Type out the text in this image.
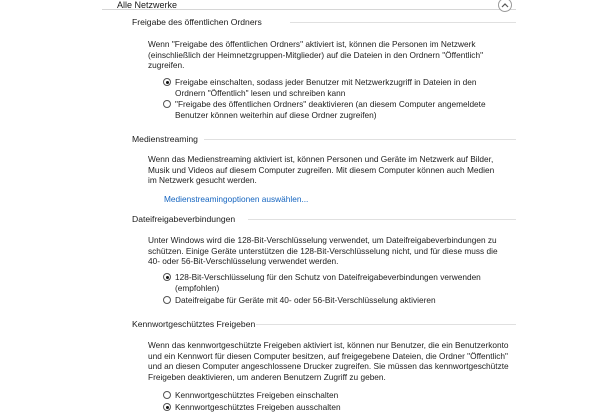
Alle Netzwerke
Freigabe des öffentlichen Ordners
Wenn "Freigabe des öffentlichen Ordners" aktiviert ist, können die Personen im Netzwerk (einschließlich der Heimnetzgruppen-Mitglieder) auf die Dateien in den Ordnern "Öffentlich" zugreifen.
Freigabe einschalten, sodass jeder Benutzer mit Netzwerkzugriff in Dateien in den Ordnern "Öffentlich" lesen und schreiben kann
"Freigabe des öffentlichen Ordners" deaktivieren (an diesem Computer angemeldete Benutzer können weiterhin auf diese Ordner zugreifen)
Medienstreaming
Wenn das Medienstreaming aktiviert ist, können Personen und Geräte im Netzwerk auf Bilder, Musik und Videos auf diesem Computer zugreifen. Mit diesem Computer können auch Medien im Netzwerk gesucht werden.
Medienstreamingoptionen auswählen...
Dateifreigabeverbindungen
Unter Windows wird die 128-Bit-Verschlüsselung verwendet, um Dateifreigabeverbindungen zu schützen. Einige Geräte unterstützen die 128-Bit-Verschlüsselung nicht, und für diese muss die 40- oder 56-Bit-Verschlüsselung verwendet werden.
128-Bit-Verschlüsselung für den Schutz von Dateifreigabeverbindungen verwenden (empfohlen)
Dateifreigabe für Geräte mit 40- oder 56-Bit-Verschlüsselung aktivieren
Kennwortgeschütztes Freigeben
Wenn das kennwortgeschützte Freigeben aktiviert ist, können nur Benutzer, die ein Benutzerkonto und ein Kennwort für diesen Computer besitzen, auf freigegebene Dateien, die Ordner "Öffentlich" und an diesen Computer angeschlossene Drucker zugreifen. Sie müssen das kennwortgeschützte Freigeben deaktivieren, um anderen Benutzern Zugriff zu geben.
Kennwortgeschütztes Freigeben einschalten
Kennwortgeschütztes Freigeben ausschalten
